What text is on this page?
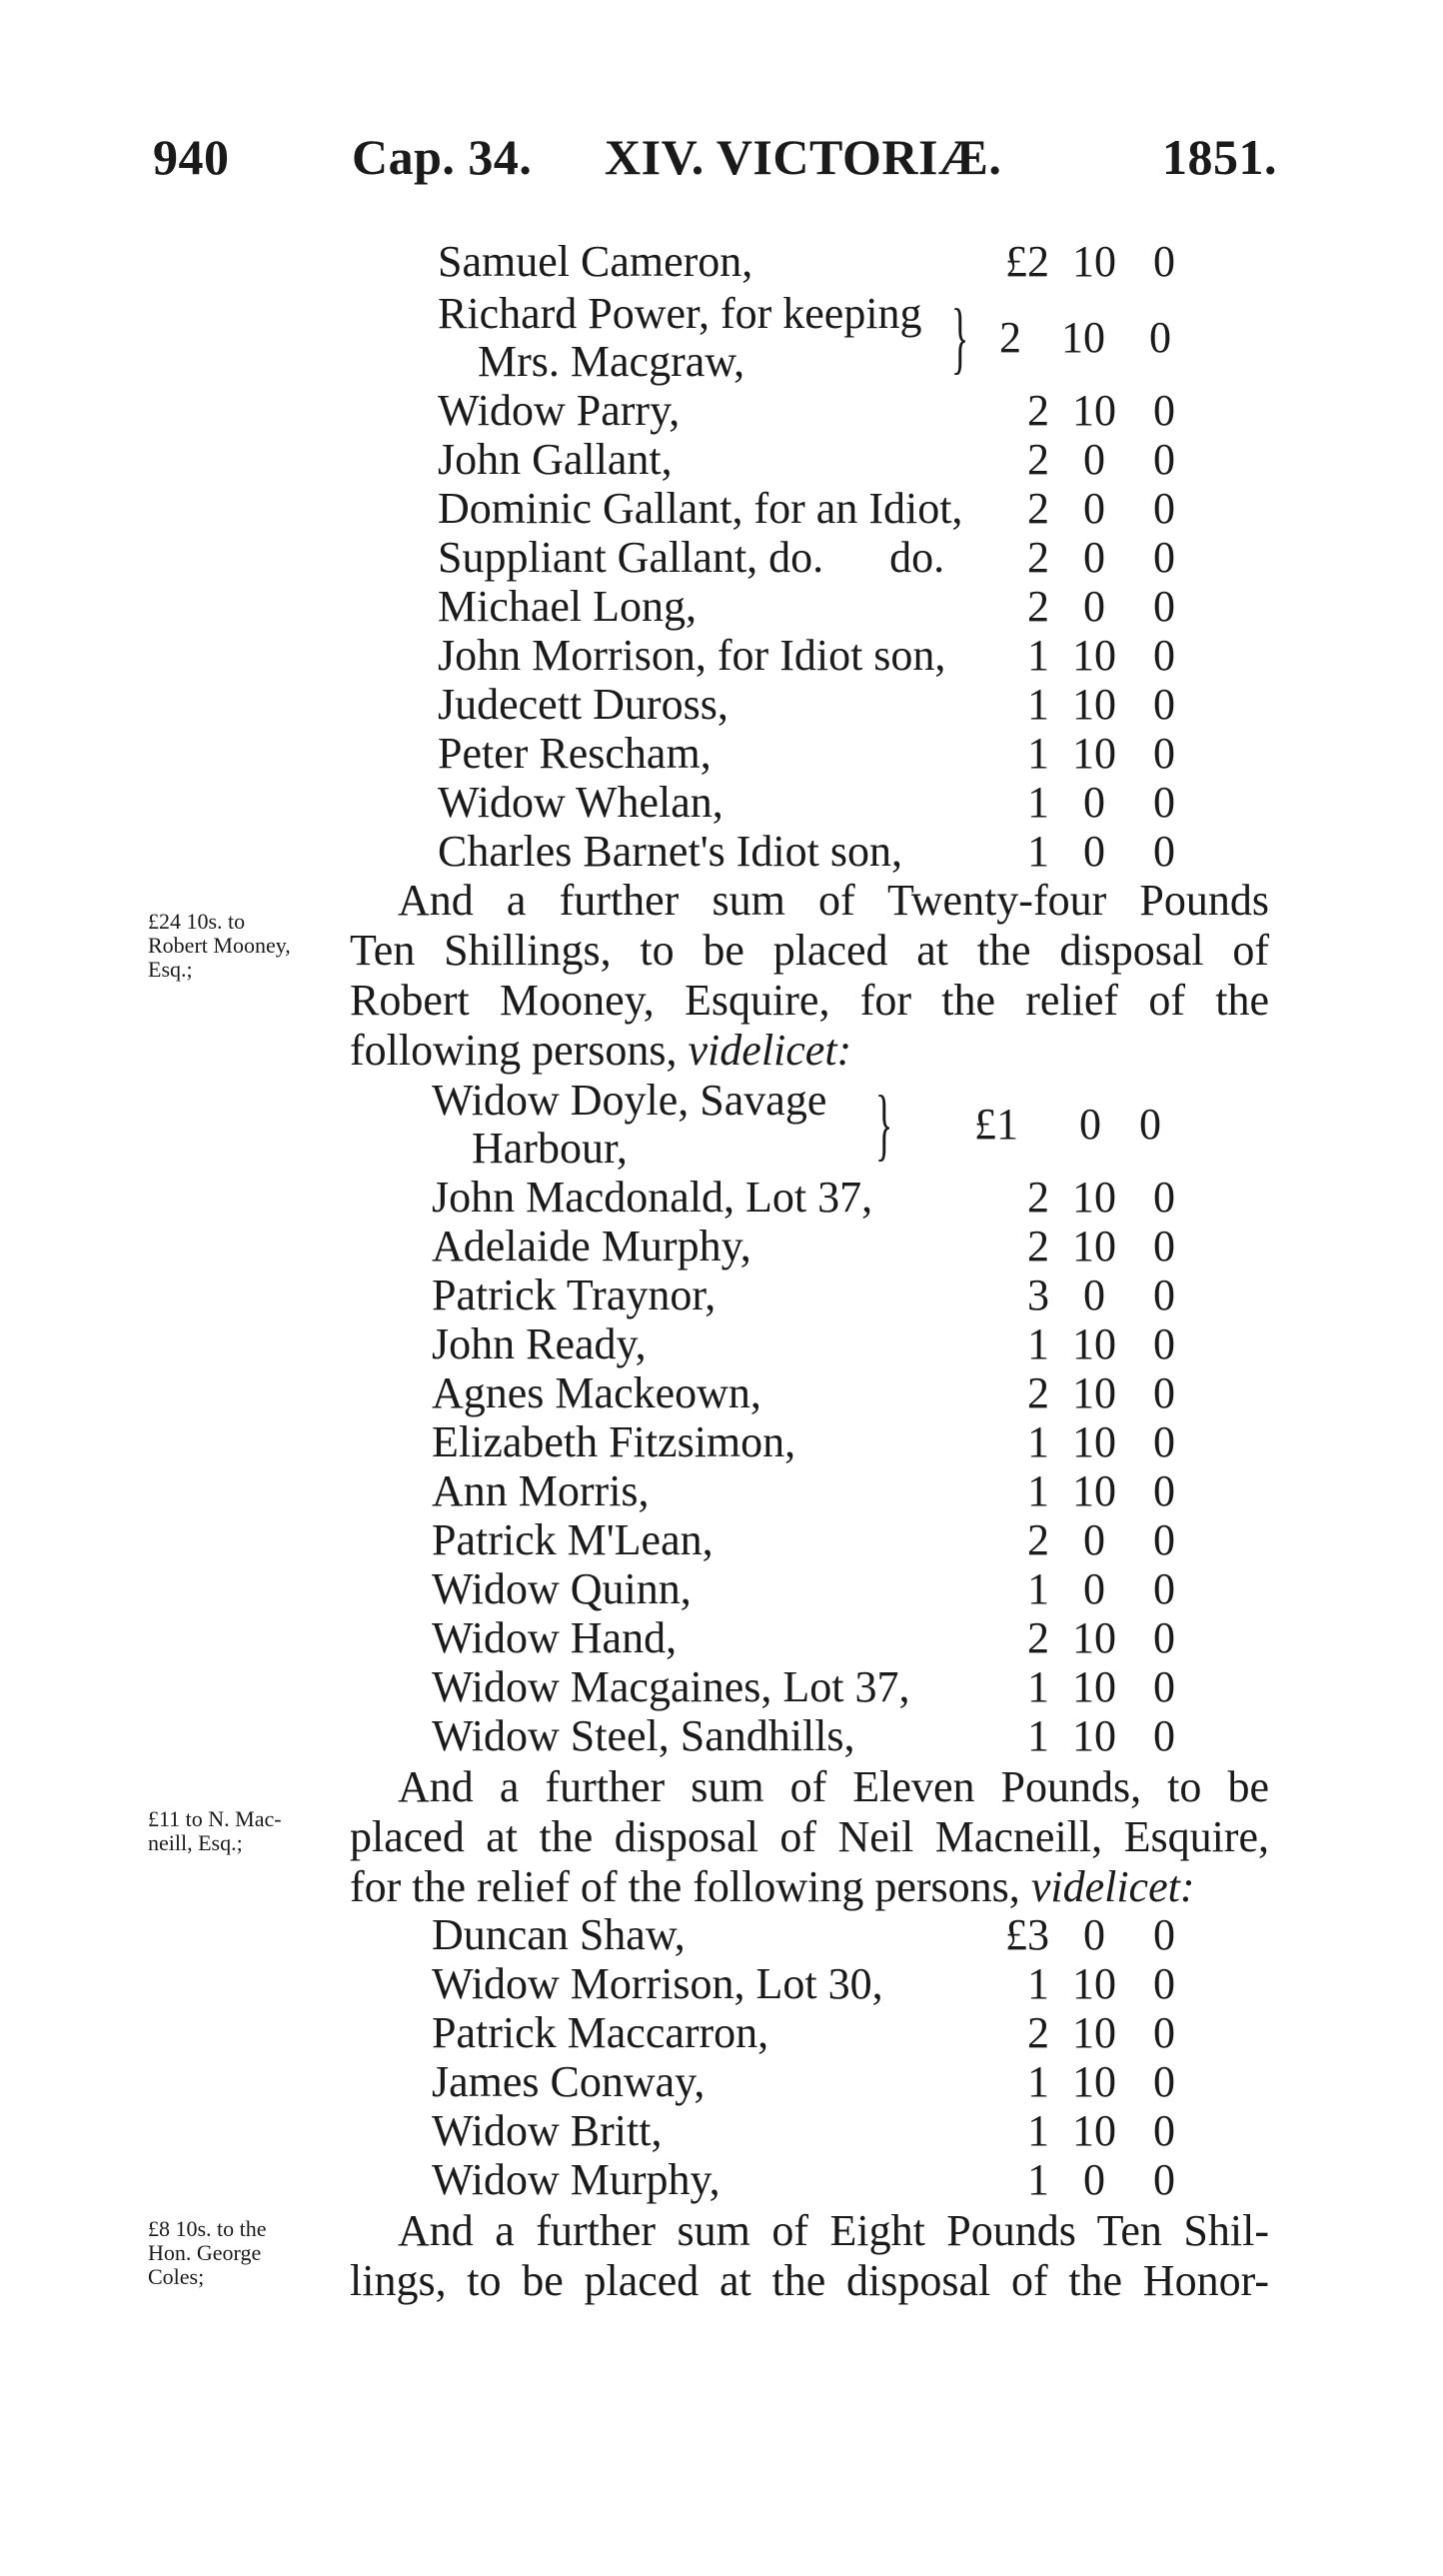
940 Cap. 34. XIV. VICTORIÆ.	1851.
Samuel Cameron,	£2 10 0
Richard Power, for keeping
Mrs. Macgraw,	} 2 10 0
Widow Parry,	2 10 0
John Gallant,	2 0	0
Dominic Gallant, for an Idiot,	2 0	0
Suppliant Gallant, do.      do.	2 0	0
Michael Long,	2 0	0
John Morrison, for Idiot son,	1 10 0
Judecett Duross,	1 10 0
Peter Rescham,	1 10 0
Widow Whelan,	1 0	0
Charles Barnet's Idiot son,	1 0	0
£24 10s. to
Robert Mooney,
Esq.;
And a further sum of Twenty-four Pounds
Ten Shillings, to be placed at the disposal of
Robert Mooney, Esquire, for the relief of the
following persons, videlicet:
Widow Doyle, Savage
Harbour,	} £1 0 0
John Macdonald, Lot 37,	2 10 0
Adelaide Murphy,	2 10 0
Patrick Traynor,	3 0	0
John Ready,	1 10 0
Agnes Mackeown,	2 10 0
Elizabeth Fitzsimon,	1 10 0
Ann Morris,	1 10 0
Patrick M'Lean,	2 0	0
Widow Quinn,	1 0	0
Widow Hand,	2 10 0
Widow Macgaines, Lot 37,	1 10 0
Widow Steel, Sandhills,	1 10 0
£11 to N. Mac-
neill, Esq.;
And a further sum of Eleven Pounds, to be
placed at the disposal of Neil Macneill, Esquire,
for the relief of the following persons, videlicet:
Duncan Shaw,	£3 0	0
Widow Morrison, Lot 30,	1 10 0
Patrick Maccarron,	2 10 0
James Conway,	1 10 0
Widow Britt,	1 10 0
Widow Murphy,	1 0	0
£8 10s. to the
Hon. George
Coles;
And a further sum of Eight Pounds Ten Shil-
lings, to be placed at the disposal of the Honor-
